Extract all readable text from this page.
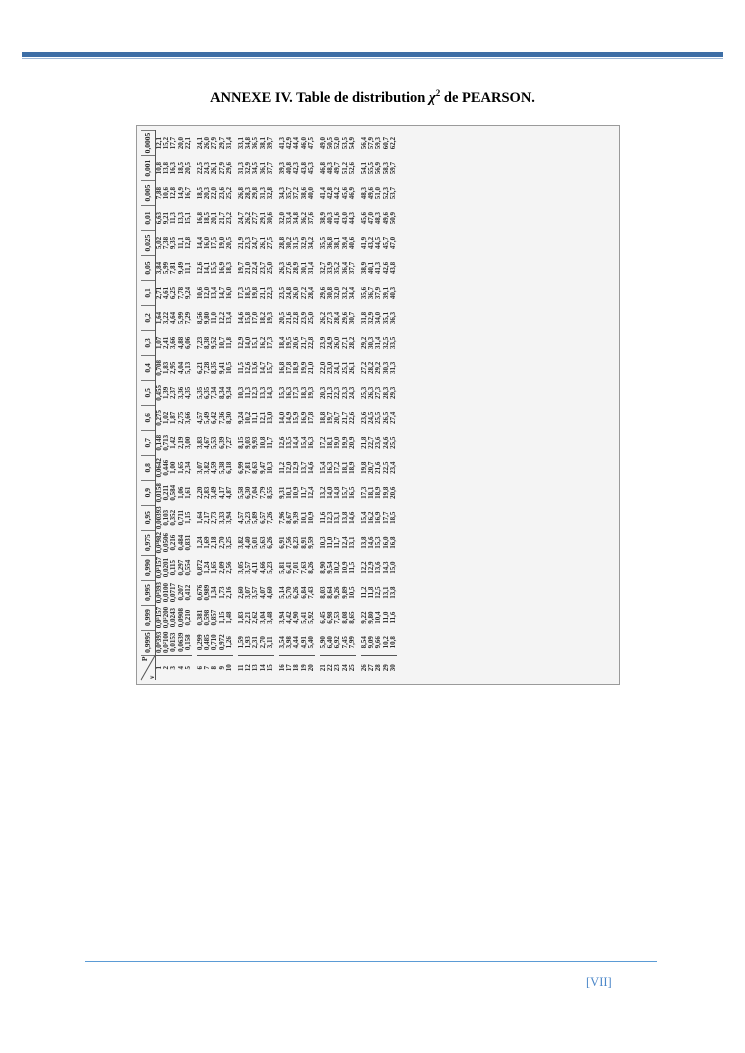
ANNEXE IV. Table de distribution $\chi^2$ de PEARSON.
P
ν	0,9995	0,999	0,995	0,990	0,975	0,95	0,9	0,8	0,7	0,6	0,5	0,4	0,3	0,2	0,1	0,05	0,025	0,01	0,005	0,001	0,0005
1	0,0⁶393	0,0⁵157	0,0⁴393	0,0³157	0,0³982	0,00393	0,0158	0,0642	0,148	0,275	0,455	0,708	1,07	1,64	2,71	3,84	5,02	6,63	7,88	10,8	12,1
2	0,0²100	0,0²200	0,0100	0,0201	0,0506	0,103	0,211	0,446	0,713	1,02	1,39	1,83	2,41	3,22	4,61	5,99	7,38	9,21	10,6	13,8	15,2
3	0,0153	0,0243	0,0717	0,115	0,216	0,352	0,584	1,00	1,42	1,87	2,37	2,95	3,66	4,64	6,25	7,81	9,35	11,3	12,8	16,3	17,7
4	0,0639	0,0908	0,207	0,297	0,484	0,711	1,06	1,65	2,19	2,75	3,36	4,04	4,88	5,99	7,78	9,49	11,1	13,3	14,9	18,5	20,0
5	0,158	0,210	0,412	0,554	0,831	1,15	1,61	2,34	3,00	3,66	4,35	5,13	6,06	7,29	9,24	11,1	12,8	15,1	16,7	20,5	22,1

6	0,299	0,381	0,676	0,872	1,24	1,64	2,20	3,07	3,83	4,57	5,35	6,21	7,23	8,56	10,6	12,6	14,4	16,8	18,5	22,5	24,1
7	0,485	0,598	0,989	1,24	1,69	2,17	2,83	3,82	4,67	5,49	6,35	7,28	8,38	9,80	12,0	14,1	16,0	18,5	20,3	24,3	26,0
8	0,710	0,857	1,34	1,65	2,18	2,73	3,49	4,59	5,53	6,42	7,34	8,35	9,52	11,0	13,4	15,5	17,5	20,1	22,0	26,1	27,9
9	0,972	1,15	1,73	2,09	2,70	3,33	4,17	5,38	6,39	7,36	8,34	9,41	10,7	12,2	14,7	16,9	19,0	21,7	23,6	27,9	29,7
10	1,26	1,48	2,16	2,56	3,25	3,94	4,87	6,18	7,27	8,30	9,34	10,5	11,8	13,4	16,0	18,3	20,5	23,2	25,2	29,6	31,4

11	1,59	1,83	2,60	3,05	3,82	4,57	5,58	6,99	8,15	9,24	10,3	11,5	12,9	14,6	17,3	19,7	21,9	24,7	26,8	31,3	33,1
12	1,93	2,21	3,07	3,57	4,40	5,23	6,30	7,81	9,03	10,2	11,3	12,6	14,0	15,8	18,5	21,0	23,3	26,2	28,3	32,9	34,8
13	2,31	2,62	3,57	4,11	5,01	5,89	7,04	8,63	9,93	11,1	12,3	13,6	15,1	17,0	19,8	22,4	24,7	27,7	29,8	34,5	36,5
14	2,70	3,04	4,07	4,66	5,63	6,57	7,79	9,47	10,8	12,1	13,3	14,7	16,2	18,2	21,1	23,7	26,1	29,1	31,3	36,1	38,1
15	3,11	3,48	4,60	5,23	6,26	7,26	8,55	10,3	11,7	13,0	14,3	15,7	17,3	19,3	22,3	25,0	27,5	30,6	32,8	37,7	39,7

16	3,54	3,94	5,14	5,81	6,91	7,96	9,31	11,2	12,6	14,0	15,3	16,8	18,4	20,5	23,5	26,3	28,8	32,0	34,3	39,3	41,3
17	3,98	4,42	5,70	6,41	7,56	8,67	10,1	12,0	13,5	14,9	16,3	17,8	19,5	21,6	24,8	27,6	30,2	33,4	35,7	40,8	42,9
18	4,44	4,90	6,26	7,01	8,23	9,39	10,9	12,9	14,4	15,9	17,3	18,9	20,6	22,8	26,0	28,9	31,5	34,8	37,2	42,3	44,4
19	4,91	5,41	6,84	7,63	8,91	10,1	11,7	13,7	15,4	16,9	18,3	19,9	21,7	23,9	27,2	30,1	32,9	36,2	38,6	43,8	46,0
20	5,40	5,92	7,43	8,26	9,59	10,9	12,4	14,6	16,3	17,8	19,3	21,0	22,8	25,0	28,4	31,4	34,2	37,6	40,0	45,3	47,5

21	5,90	6,45	8,03	8,90	10,3	11,6	13,2	15,4	17,2	18,8	20,3	22,0	23,9	26,2	29,6	32,7	35,5	38,9	41,4	46,8	49,0
22	6,40	6,98	8,64	9,54	11,0	12,3	14,0	16,3	18,1	19,7	21,3	23,0	24,9	27,3	30,8	33,9	36,8	40,3	42,8	48,3	50,5
23	6,92	7,53	9,26	10,2	11,7	13,1	14,8	17,2	19,0	20,7	22,3	24,1	26,0	28,4	32,0	35,2	38,1	41,6	44,2	49,7	52,0
24	7,45	8,08	9,89	10,9	12,4	13,8	15,7	18,1	19,9	21,7	23,3	25,1	27,1	29,6	33,2	36,4	39,4	43,0	45,6	51,2	53,5
25	7,99	8,65	10,5	11,5	13,1	14,6	16,5	18,9	20,9	22,6	24,3	26,1	28,2	30,7	34,4	37,7	40,6	44,3	46,9	52,6	54,9

26	8,54	9,22	11,2	12,2	13,8	15,4	17,3	19,8	21,8	23,6	25,3	27,2	29,2	31,8	35,6	38,9	41,9	45,6	48,3	54,1	56,4
27	9,09	9,80	11,8	12,9	14,6	16,2	18,1	20,7	22,7	24,5	26,3	28,2	30,3	32,9	36,7	40,1	43,2	47,0	49,6	55,5	57,9
28	9,66	10,4	12,5	13,6	15,3	16,9	18,9	21,6	23,6	25,5	27,3	29,2	31,4	34,0	37,9	41,3	44,5	48,3	51,0	56,9	59,3
29	10,2	11,0	13,1	14,3	16,0	17,7	19,8	22,5	24,6	26,5	28,3	30,3	32,5	35,1	39,1	42,6	45,7	49,6	52,3	58,3	60,7
30	10,8	11,6	13,8	15,0	16,8	18,5	20,6	23,4	25,5	27,4	29,3	31,3	33,5	36,3	40,3	43,8	47,0	50,9	53,7	59,7	62,2
[VII]
